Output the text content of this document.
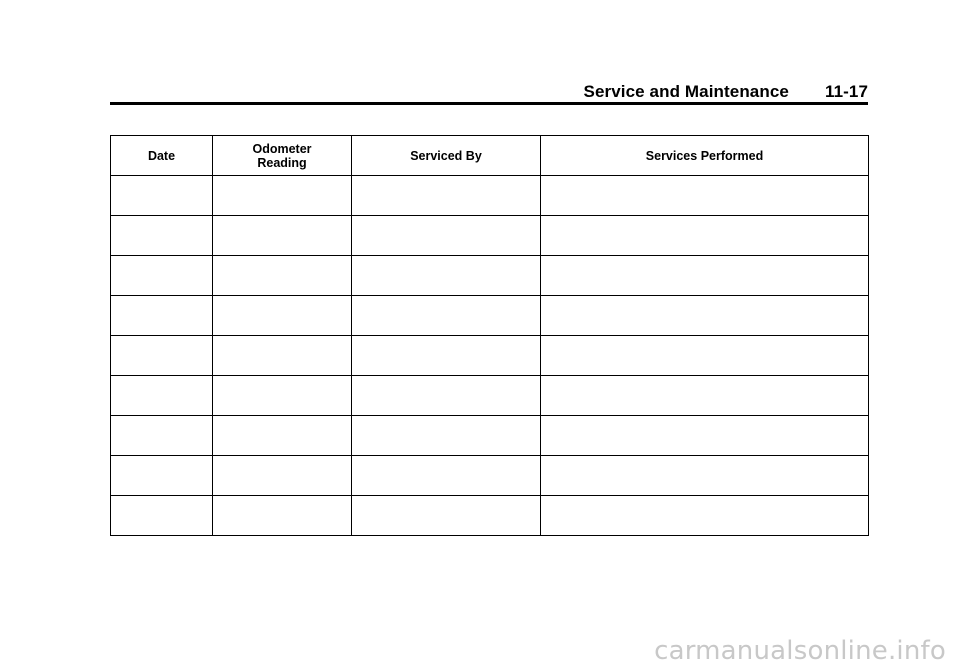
Service and Maintenance 11-17
Date	Odometer Reading	Serviced By	Services Performed

carmanualsonline.info
